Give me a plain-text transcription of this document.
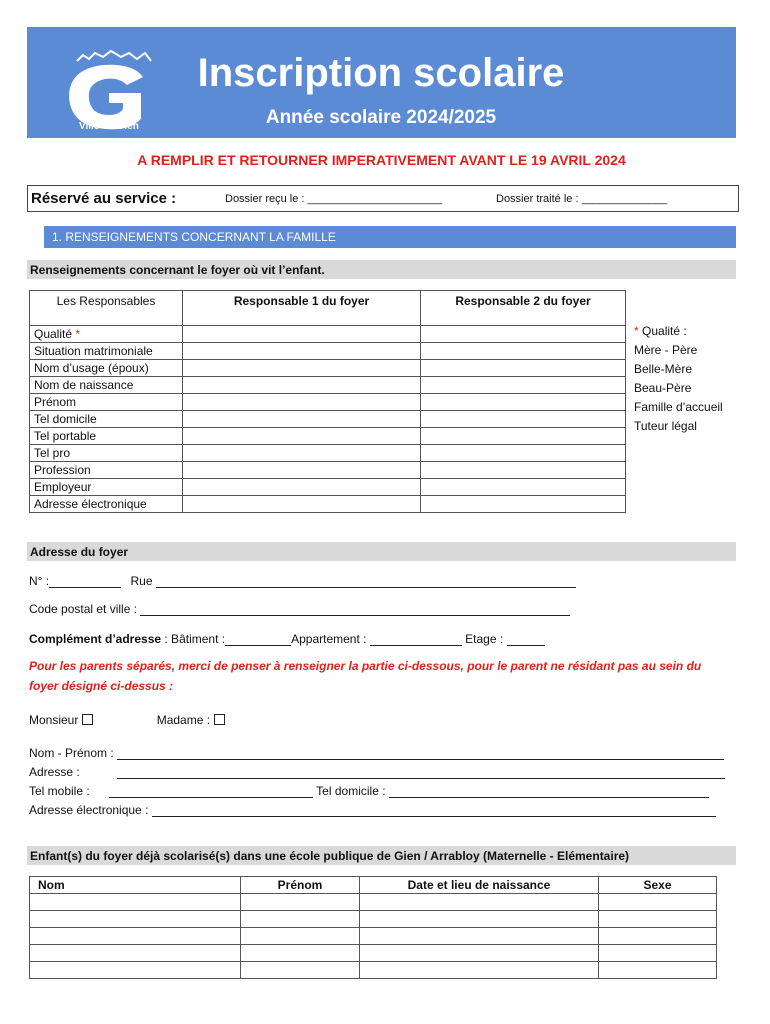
Ville de Gien
Inscription scolaire
Année scolaire 2024/2025
A REMPLIR ET RETOURNER IMPERATIVEMENT AVANT LE 19 AVRIL 2024
Réservé au service :	Dossier reçu le : ______________________	Dossier traité le : ______________
1. RENSEIGNEMENTS CONCERNANT LA FAMILLE
Renseignements concernant le foyer où vit l’enfant.
Les Responsables	Responsable 1 du foyer	Responsable 2 du foyer
Qualité *		
Situation matrimoniale		
Nom d’usage (époux)		
Nom de naissance		
Prénom		
Tel domicile		
Tel portable		
Tel pro		
Profession		
Employeur		
Adresse électronique		
* Qualité :
Mère - Père
Belle-Mère
Beau-Père
Famille d’accueil
Tuteur légal
Adresse du foyer
N° :	Rue
Code postal et ville :
Complément d’adresse : Bâtiment :	Appartement :	Etage :
Pour les parents séparés, merci de penser à renseigner la partie ci-dessous, pour le parent ne résidant pas au sein du
foyer désigné ci-dessus :
Monsieur	Madame :
Nom - Prénom :
Adresse :
Tel mobile :	Tel domicile :
Adresse électronique :
Enfant(s) du foyer déjà scolarisé(s) dans une école publique de Gien / Arrabloy (Maternelle - Elémentaire)
Nom	Prénom	Date et lieu de naissance	Sexe
